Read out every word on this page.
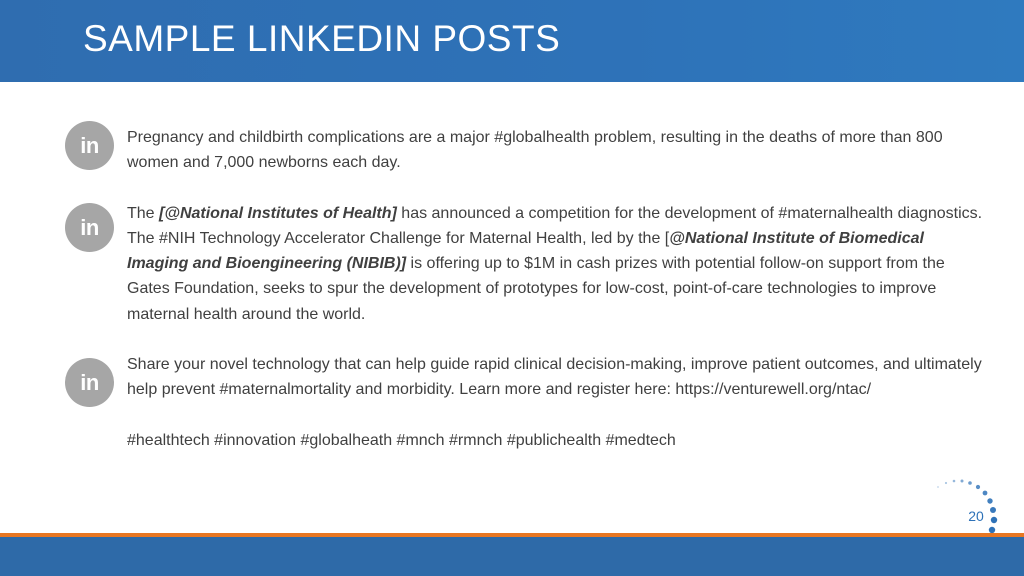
SAMPLE LINKEDIN POSTS
in
in
in

Pregnancy and childbirth complications are a major #globalhealth problem, resulting in the deaths of more than 800 women and 7,000 newborns each day.

The [@National Institutes of Health] has announced a competition for the development of #maternalhealth diagnostics. The #NIH Technology Accelerator Challenge for Maternal Health, led by the [@National Institute of Biomedical Imaging and Bioengineering (NIBIB)] is offering up to $1M in cash prizes with potential follow-on support from the Gates Foundation, seeks to spur the development of prototypes for low-cost, point-of-care technologies to improve maternal health around the world.

Share your novel technology that can help guide rapid clinical decision-making, improve patient outcomes, and ultimately help prevent #maternalmortality and morbidity. Learn more and register here: https://venturewell.org/ntac/

#healthtech #innovation #globalheath #mnch #rmnch #publichealth #medtech

20
